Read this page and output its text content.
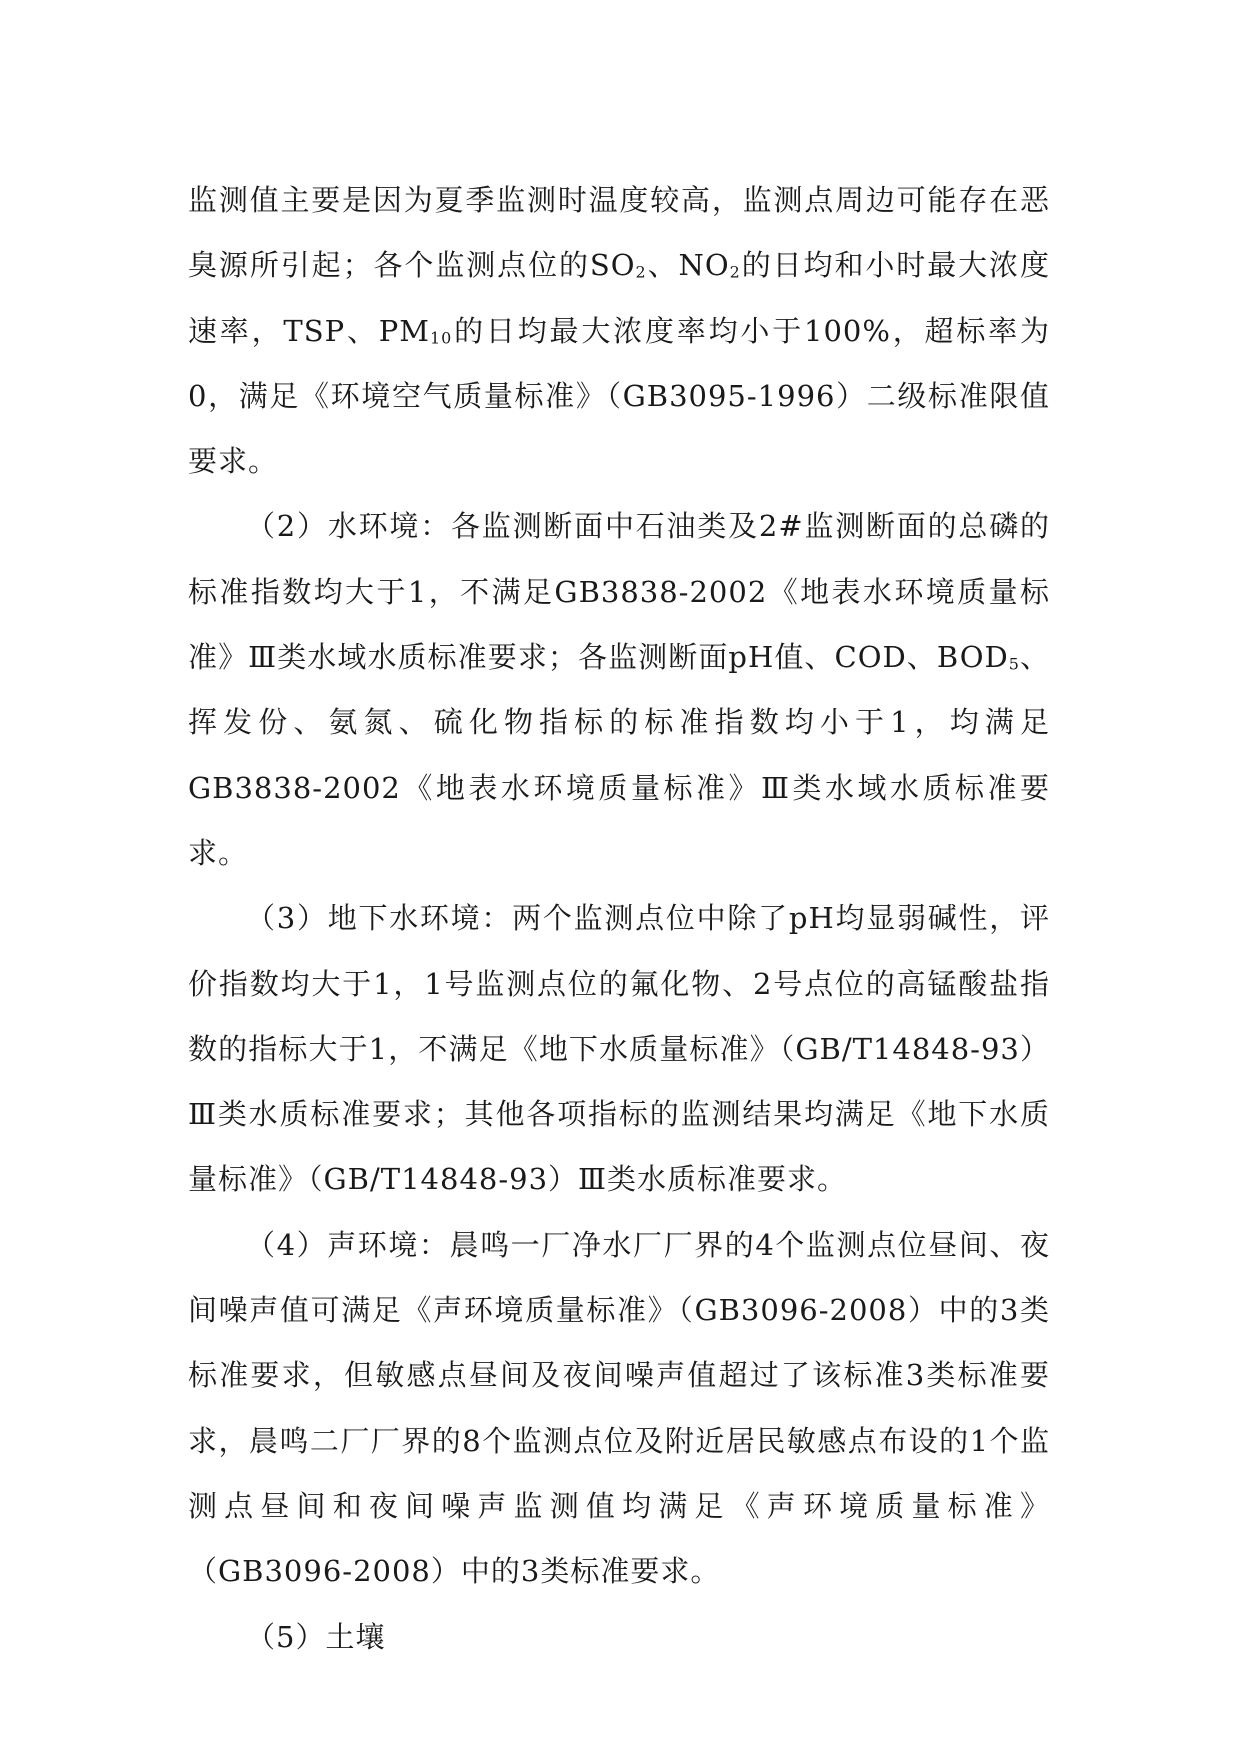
监测值主要是因为夏季监测时温度较高，监测点周边可能存在恶臭源所引起；各个监测点位的$SO_2$、$NO_2$的日均和小时最大浓度速率，TSP、$PM_{10}$的日均最大浓度率均小于100%，超标率为0，满足《环境空气质量标准》（GB3095-1996）二级标准限值要求。

（2）水环境：各监测断面中石油类及2#监测断面的总磷的标准指数均大于1，不满足GB3838-2002《地表水环境质量标准》Ⅲ类水域水质标准要求；各监测断面pH值、COD、$BOD_5$、挥发份、氨氮、硫化物指标的标准指数均小于1，均满足GB3838-2002《地表水环境质量标准》Ⅲ类水域水质标准要求。

（3）地下水环境：两个监测点位中除了pH均显弱碱性，评价指数均大于1，1号监测点位的氟化物、2号点位的高锰酸盐指数的指标大于1，不满足《地下水质量标准》（GB/T14848-93）Ⅲ类水质标准要求；其他各项指标的监测结果均满足《地下水质量标准》（GB/T14848-93）Ⅲ类水质标准要求。

（4）声环境：晨鸣一厂净水厂厂界的4个监测点位昼间、夜间噪声值可满足《声环境质量标准》（GB3096-2008）中的3类标准要求，但敏感点昼间及夜间噪声值超过了该标准3类标准要求，晨鸣二厂厂界的8个监测点位及附近居民敏感点布设的1个监测点昼间和夜间噪声监测值均满足《声环境质量标准》（GB3096-2008）中的3类标准要求。

（5）土壤
